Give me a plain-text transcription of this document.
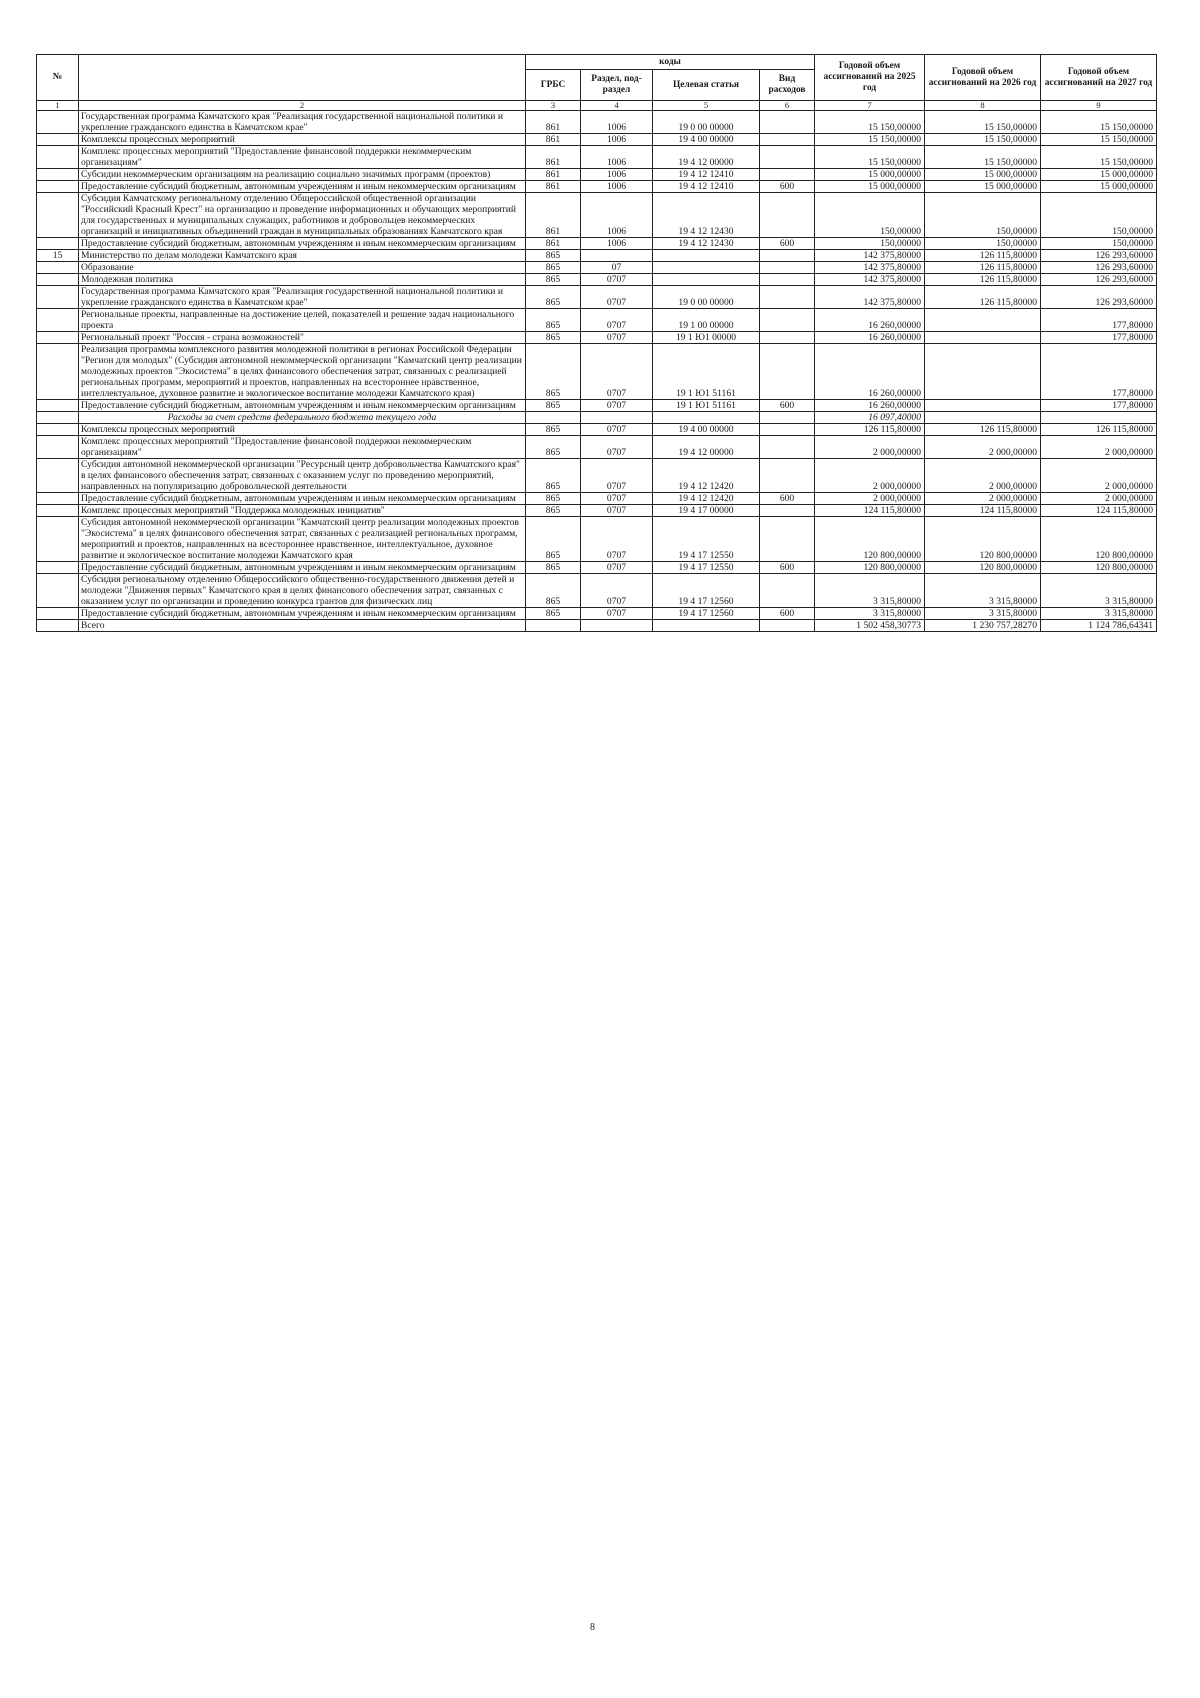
№		коды				Годовой объем ассигнований на 2025 год	Годовой объем ассигнований на 2026 год	Годовой объем ассигнований на 2027 год
		ГРБС	Раздел, под-раздел	Целевая статья	Вид расходов			
1	2	3	4	5	6	7	8	9
	Государственная программа Камчатского края "Реализация государственной национальной политики и укрепление гражданского единства в Камчатском крае"	861	1006	19 0 00 00000		15 150,00000	15 150,00000	15 150,00000
	Комплексы процессных мероприятий	861	1006	19 4 00 00000		15 150,00000	15 150,00000	15 150,00000
	Комплекс процессных мероприятий "Предоставление финансовой поддержки некоммерческим организациям"	861	1006	19 4 12 00000		15 150,00000	15 150,00000	15 150,00000
	Субсидии некоммерческим организациям на реализацию социально значимых программ (проектов)	861	1006	19 4 12 12410		15 000,00000	15 000,00000	15 000,00000
	Предоставление субсидий бюджетным, автономным учреждениям и иным некоммерческим организациям	861	1006	19 4 12 12410	600	15 000,00000	15 000,00000	15 000,00000
	Субсидия Камчатскому региональному отделению Общероссийской общественной организации "Российский Красный Крест" на организацию и проведение информационных и обучающих мероприятий для государственных и муниципальных служащих, работников и добровольцев некоммерческих организаций и инициативных объединений граждан в муниципальных образованиях Камчатского края	861	1006	19 4 12 12430		150,00000	150,00000	150,00000
	Предоставление субсидий бюджетным, автономным учреждениям и иным некоммерческим организациям	861	1006	19 4 12 12430	600	150,00000	150,00000	150,00000
15	Министерство по делам молодежи Камчатского края	865				142 375,80000	126 115,80000	126 293,60000
	Образование	865	07			142 375,80000	126 115,80000	126 293,60000
	Молодежная политика	865	0707			142 375,80000	126 115,80000	126 293,60000
	Государственная программа Камчатского края "Реализация государственной национальной политики и укрепление гражданского единства в Камчатском крае"	865	0707	19 0 00 00000		142 375,80000	126 115,80000	126 293,60000
	Региональные проекты, направленные на достижение целей, показателей и решение задач национального проекта	865	0707	19 1 00 00000		16 260,00000		177,80000
	Региональный проект "Россия - страна возможностей"	865	0707	19 1 Ю1 00000		16 260,00000		177,80000
	Реализация программы комплексного развития молодежной политики в регионах Российской Федерации "Регион для молодых" (Субсидия автономной некоммерческой организации "Камчатский центр реализации молодежных проектов "Экосистема" в целях финансового обеспечения затрат, связанных с реализацией региональных программ, мероприятий и проектов, направленных на всестороннее нравственное, интеллектуальное, духовное развитие и экологическое воспитание молодежи Камчатского края)	865	0707	19 1 Ю1 51161		16 260,00000		177,80000
	Предоставление субсидий бюджетным, автономным учреждениям и иным некоммерческим организациям	865	0707	19 1 Ю1 51161	600	16 260,00000		177,80000
	Расходы за счет средств федерального бюджета текущего года					16 097,40000		
	Комплексы процессных мероприятий	865	0707	19 4 00 00000		126 115,80000	126 115,80000	126 115,80000
	Комплекс процессных мероприятий "Предоставление финансовой поддержки некоммерческим организациям"	865	0707	19 4 12 00000		2 000,00000	2 000,00000	2 000,00000
	Субсидия автономной некоммерческой организации "Ресурсный центр добровольчества Камчатского края" в целях финансового обеспечения затрат, связанных с оказанием услуг по проведению мероприятий, направленных на популяризацию добровольческой деятельности	865	0707	19 4 12 12420		2 000,00000	2 000,00000	2 000,00000
	Предоставление субсидий бюджетным, автономным учреждениям и иным некоммерческим организациям	865	0707	19 4 12 12420	600	2 000,00000	2 000,00000	2 000,00000
	Комплекс процессных мероприятий "Поддержка молодежных инициатив"	865	0707	19 4 17 00000		124 115,80000	124 115,80000	124 115,80000
	Субсидия автономной некоммерческой организации "Камчатский центр реализации молодежных проектов "Экосистема" в целях финансового обеспечения затрат, связанных с реализацией региональных программ, мероприятий и проектов, направленных на всестороннее нравственное, интеллектуальное, духовное развитие и экологическое воспитание молодежи Камчатского края	865	0707	19 4 17 12550		120 800,00000	120 800,00000	120 800,00000
	Предоставление субсидий бюджетным, автономным учреждениям и иным некоммерческим организациям	865	0707	19 4 17 12550	600	120 800,00000	120 800,00000	120 800,00000
	Субсидия региональному отделению Общероссийского общественно-государственного движения детей и молодежи "Движения первых" Камчатского края в целях финансового обеспечения затрат, связанных с оказанием услуг по организации и проведению конкурса грантов для физических лиц	865	0707	19 4 17 12560		3 315,80000	3 315,80000	3 315,80000
	Предоставление субсидий бюджетным, автономным учреждениям и иным некоммерческим организациям	865	0707	19 4 17 12560	600	3 315,80000	3 315,80000	3 315,80000
	Всего					1 502 458,30773	1 230 757,28270	1 124 786,64341
8
